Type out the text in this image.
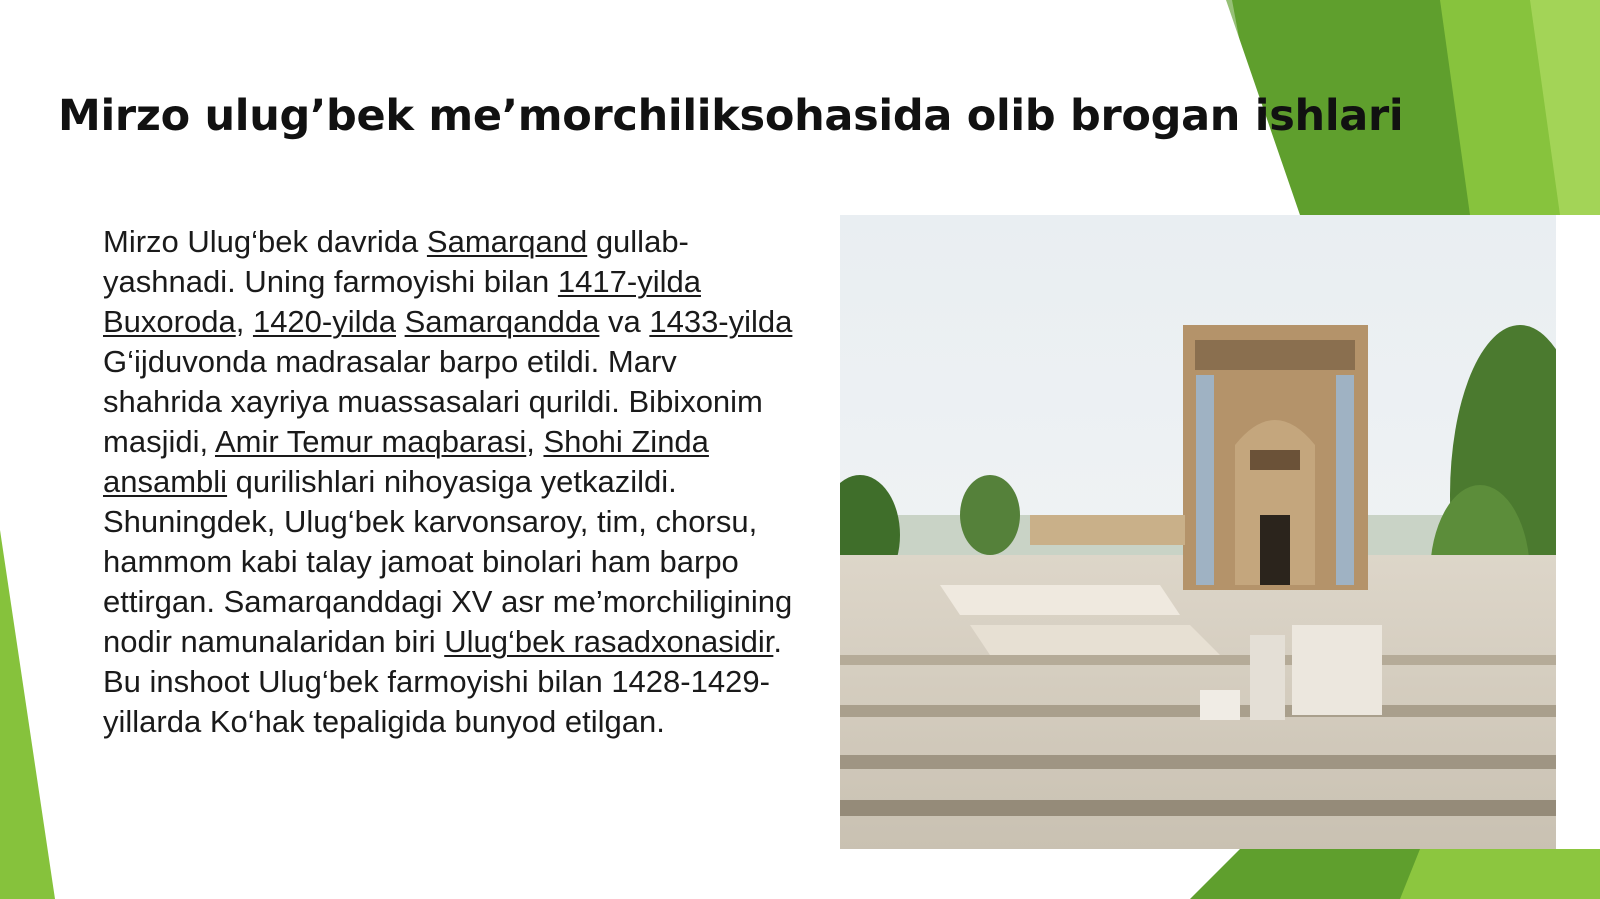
Mirzo ulug’bek me’morchiliksohasida olib brogan ishlari

Mirzo Ulug‘bek davrida Samarqand gullab-yashnadi. Uning farmoyishi bilan 1417-yilda Buxoroda, 1420-yilda Samarqandda va 1433-yilda G‘ijduvonda madrasalar barpo etildi. Marv shahrida xayriya muassasalari qurildi. Bibixonim masjidi, Amir Temur maqbarasi, Shohi Zinda ansambli qurilishlari nihoyasiga yetkazildi. Shuningdek, Ulug‘bek karvonsaroy, tim, chorsu, hammom kabi talay jamoat binolari ham barpo ettirgan. Samarqanddagi XV asr me’morchiligining nodir namunalaridan biri Ulug‘bek rasadxonasidir. Bu inshoot Ulug‘bek farmoyishi bilan 1428-1429-yillarda Ko‘hak tepaligida bunyod etilgan.
